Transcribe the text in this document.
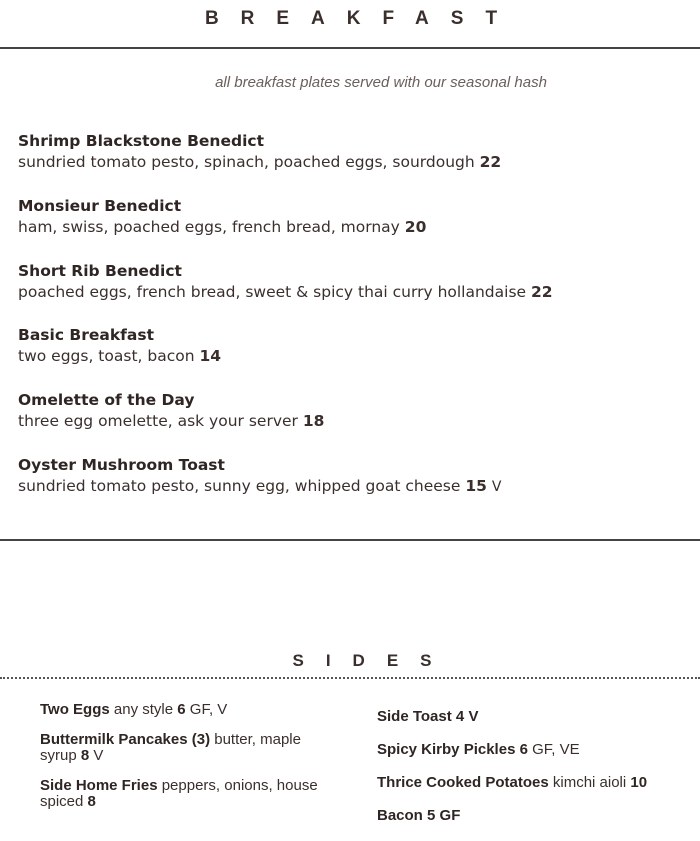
BREAKFAST
all breakfast plates served with our seasonal hash
Shrimp Blackstone Benedict
sundried tomato pesto, spinach, poached eggs, sourdough 22
Monsieur Benedict
ham, swiss, poached eggs, french bread, mornay 20
Short Rib Benedict
poached eggs, french bread, sweet & spicy thai curry hollandaise 22
Basic Breakfast
two eggs, toast, bacon 14
Omelette of the Day
three egg omelette, ask your server 18
Oyster Mushroom Toast
sundried tomato pesto, sunny egg, whipped goat cheese 15 V
SIDES
Two Eggs any style 6 GF, V
Buttermilk Pancakes (3) butter, maple syrup 8 V
Side Home Fries peppers, onions, house spiced 8
Side Toast 4 V
Spicy Kirby Pickles 6 GF, VE
Thrice Cooked Potatoes kimchi aioli 10
Bacon 5 GF
